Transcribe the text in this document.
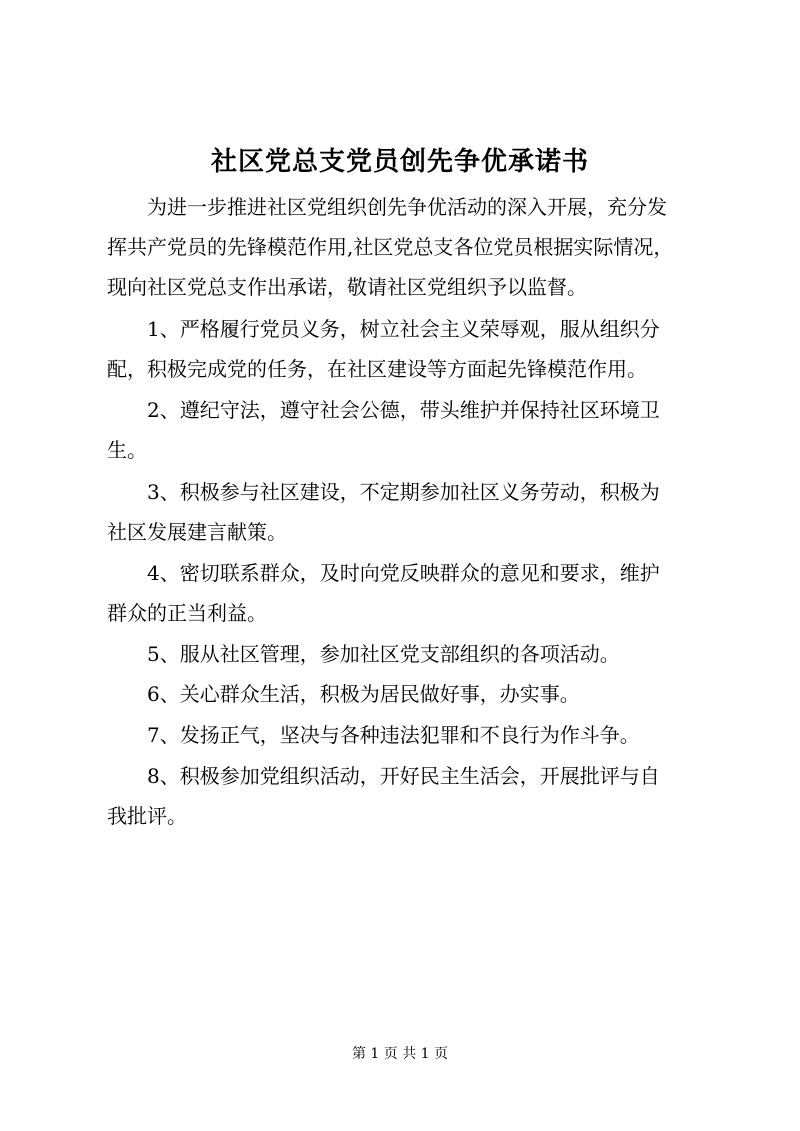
社区党总支党员创先争优承诺书
为进一步推进社区党组织创先争优活动的深入开展，充分发
挥共产党员的先锋模范作用,社区党总支各位党员根据实际情况，
现向社区党总支作出承诺，敬请社区党组织予以监督。
1、严格履行党员义务，树立社会主义荣辱观，服从组织分
配，积极完成党的任务，在社区建设等方面起先锋模范作用。
2、遵纪守法，遵守社会公德，带头维护并保持社区环境卫
生。
3、积极参与社区建设，不定期参加社区义务劳动，积极为
社区发展建言献策。
4、密切联系群众，及时向党反映群众的意见和要求，维护
群众的正当利益。
5、服从社区管理，参加社区党支部组织的各项活动。
6、关心群众生活，积极为居民做好事，办实事。
7、发扬正气，坚决与各种违法犯罪和不良行为作斗争。
8、积极参加党组织活动，开好民主生活会，开展批评与自
我批评。
第 1 页 共 1 页
